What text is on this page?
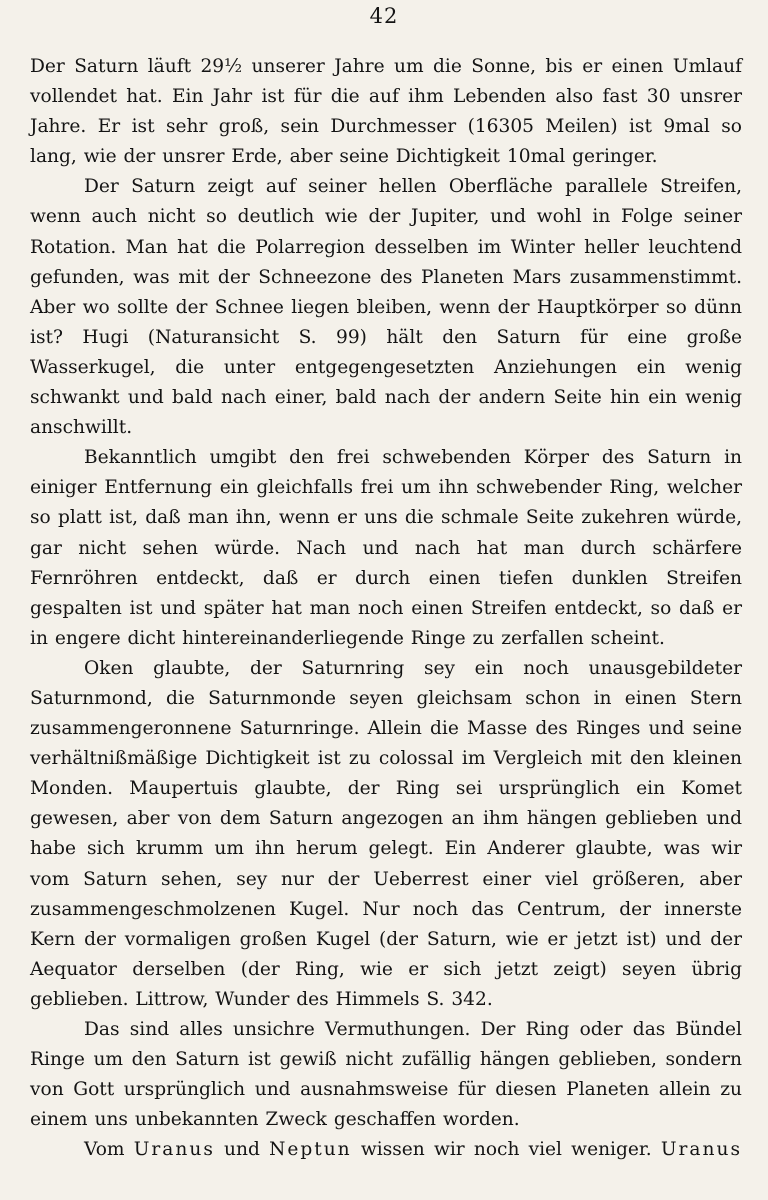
42

Der Saturn läuft 29½ unserer Jahre um die Sonne, bis er einen Umlauf vollendet hat. Ein Jahr ist für die auf ihm Lebenden also fast 30 unsrer Jahre. Er ist sehr groß, sein Durchmesser (16305 Meilen) ist 9mal so lang, wie der unsrer Erde, aber seine Dichtigkeit 10mal geringer.

Der Saturn zeigt auf seiner hellen Oberfläche parallele Streifen, wenn auch nicht so deutlich wie der Jupiter, und wohl in Folge seiner Rotation. Man hat die Polarregion desselben im Winter heller leuchtend gefunden, was mit der Schneezone des Planeten Mars zusammenstimmt. Aber wo sollte der Schnee liegen bleiben, wenn der Hauptkörper so dünn ist? Hugi (Naturansicht S. 99) hält den Saturn für eine große Wasserkugel, die unter entgegengesetzten Anziehungen ein wenig schwankt und bald nach einer, bald nach der andern Seite hin ein wenig anschwillt.

Bekanntlich umgibt den frei schwebenden Körper des Saturn in einiger Entfernung ein gleichfalls frei um ihn schwebender Ring, welcher so platt ist, daß man ihn, wenn er uns die schmale Seite zukehren würde, gar nicht sehen würde. Nach und nach hat man durch schärfere Fernröhren entdeckt, daß er durch einen tiefen dunklen Streifen gespalten ist und später hat man noch einen Streifen entdeckt, so daß er in engere dicht hintereinanderliegende Ringe zu zerfallen scheint.

Oken glaubte, der Saturnring sey ein noch unausgebildeter Saturnmond, die Saturnmonde seyen gleichsam schon in einen Stern zusammengeronnene Saturnringe. Allein die Masse des Ringes und seine verhältnißmäßige Dichtigkeit ist zu colossal im Vergleich mit den kleinen Monden. Maupertuis glaubte, der Ring sei ursprünglich ein Komet gewesen, aber von dem Saturn angezogen an ihm hängen geblieben und habe sich krumm um ihn herum gelegt. Ein Anderer glaubte, was wir vom Saturn sehen, sey nur der Ueberrest einer viel größeren, aber zusammengeschmolzenen Kugel. Nur noch das Centrum, der innerste Kern der vormaligen großen Kugel (der Saturn, wie er jetzt ist) und der Aequator derselben (der Ring, wie er sich jetzt zeigt) seyen übrig geblieben. Littrow, Wunder des Himmels S. 342.

Das sind alles unsichre Vermuthungen. Der Ring oder das Bündel Ringe um den Saturn ist gewiß nicht zufällig hängen geblieben, sondern von Gott ursprünglich und ausnahmsweise für diesen Planeten allein zu einem uns unbekannten Zweck geschaffen worden.

Vom Uranus und Neptun wissen wir noch viel weniger. Uranus
